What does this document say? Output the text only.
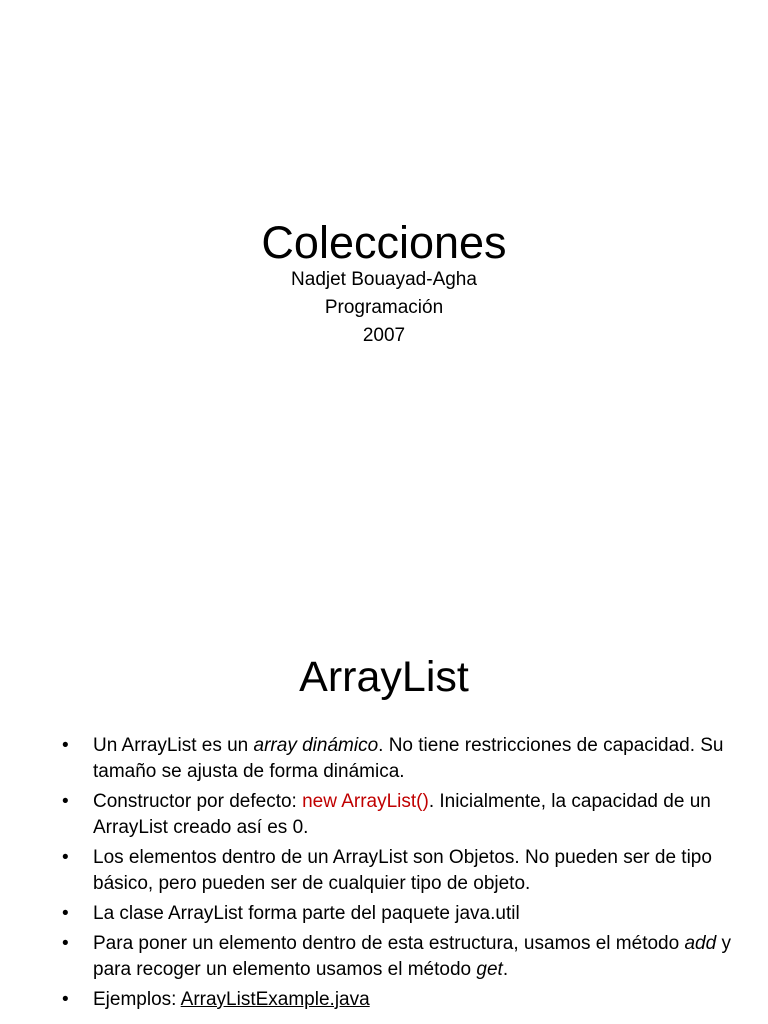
Colecciones
Nadjet Bouayad-Agha
Programación
2007
ArrayList
• Un ArrayList es un array dinámico. No tiene restricciones de capacidad. Su tamaño se ajusta de forma dinámica.
• Constructor por defecto: new ArrayList(). Inicialmente, la capacidad de un ArrayList creado así es 0.
• Los elementos dentro de un ArrayList son Objetos. No pueden ser de tipo básico, pero pueden ser de cualquier tipo de objeto.
• La clase ArrayList forma parte del paquete java.util
• Para poner un elemento dentro de esta estructura, usamos el método add y para recoger un elemento usamos el método get.
• Ejemplos: ArrayListExample.java
